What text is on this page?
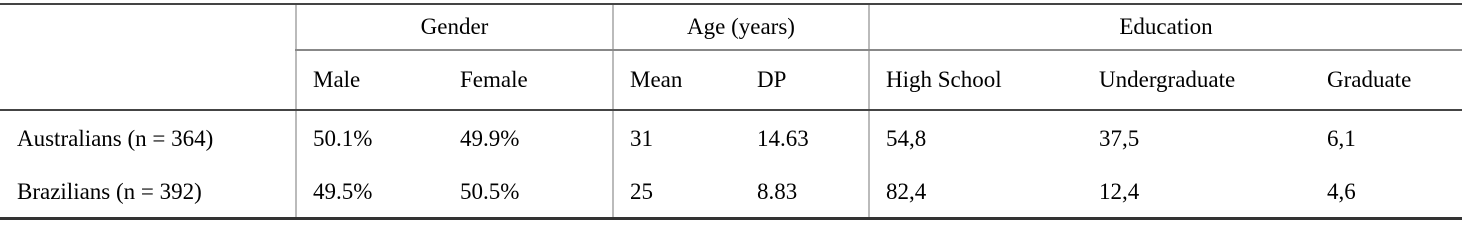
	Gender		Age (years)		Education		
	Male	Female	Mean	DP	High School	Undergraduate	Graduate
Australians (n = 364)	50.1%	49.9%	31	14.63	54,8	37,5	6,1
Brazilians (n = 392)	49.5%	50.5%	25	8.83	82,4	12,4	4,6
